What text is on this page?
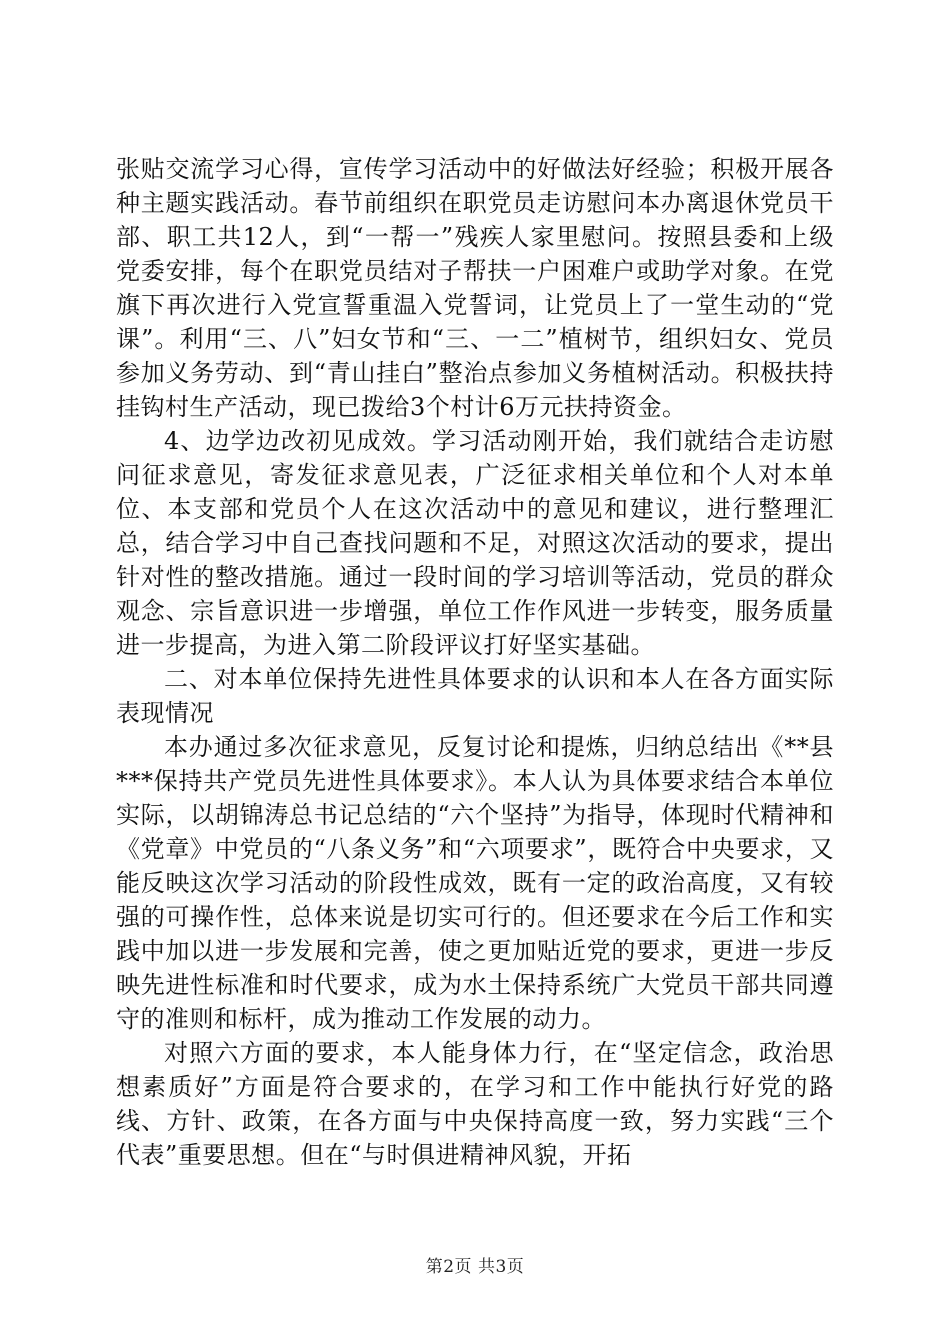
张贴交流学习心得，宣传学习活动中的好做法好经验；积极开展各种主题实践活动。春节前组织在职党员走访慰问本办离退休党员干部、职工共12人，到“一帮一”残疾人家里慰问。按照县委和上级党委安排，每个在职党员结对子帮扶一户困难户或助学对象。在党旗下再次进行入党宣誓重温入党誓词，让党员上了一堂生动的“党课”。利用“三、八”妇女节和“三、一二”植树节，组织妇女、党员参加义务劳动、到“青山挂白”整治点参加义务植树活动。积极扶持挂钩村生产活动，现已拨给3个村计6万元扶持资金。

4、边学边改初见成效。学习活动刚开始，我们就结合走访慰问征求意见，寄发征求意见表，广泛征求相关单位和个人对本单位、本支部和党员个人在这次活动中的意见和建议，进行整理汇总，结合学习中自己查找问题和不足，对照这次活动的要求，提出针对性的整改措施。通过一段时间的学习培训等活动，党员的群众观念、宗旨意识进一步增强，单位工作作风进一步转变，服务质量进一步提高，为进入第二阶段评议打好坚实基础。

二、对本单位保持先进性具体要求的认识和本人在各方面实际表现情况

本办通过多次征求意见，反复讨论和提炼，归纳总结出《**县***保持共产党员先进性具体要求》。本人认为具体要求结合本单位实际，以胡锦涛总书记总结的“六个坚持”为指导，体现时代精神和《党章》中党员的“八条义务”和“六项要求”，既符合中央要求，又能反映这次学习活动的阶段性成效，既有一定的政治高度，又有较强的可操作性，总体来说是切实可行的。但还要求在今后工作和实践中加以进一步发展和完善，使之更加贴近党的要求，更进一步反映先进性标准和时代要求，成为水土保持系统广大党员干部共同遵守的准则和标杆，成为推动工作发展的动力。

对照六方面的要求，本人能身体力行，在“坚定信念，政治思想素质好”方面是符合要求的，在学习和工作中能执行好党的路线、方针、政策，在各方面与中央保持高度一致，努力实践“三个代表”重要思想。但在“与时俱进精神风貌，开拓

第2页 共3页
